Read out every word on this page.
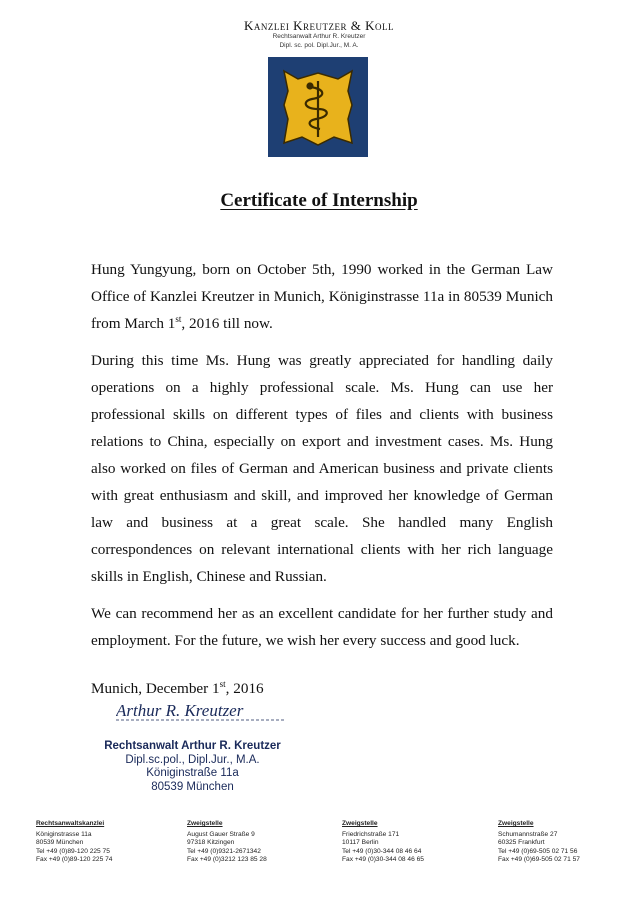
Kanzlei Kreutzer & Koll
Rechtsanwalt Arthur R. Kreutzer
Dipl. sc. pol. Dipl.Jur., M. A.
Certificate of Internship

Hung Yungyung, born on October 5th, 1990 worked in the German Law Office of Kanzlei Kreutzer in Munich, Königinstrasse 11a in 80539 Munich from March 1st, 2016 till now.

During this time Ms. Hung was greatly appreciated for handling daily operations on a highly professional scale. Ms. Hung can use her professional skills on different types of files and clients with business relations to China, especially on export and investment cases. Ms. Hung also worked on files of German and American business and private clients with great enthusiasm and skill, and improved her knowledge of German law and business at a great scale. She handled many English correspondences on relevant international clients with her rich language skills in English, Chinese and Russian.

We can recommend her as an excellent candidate for her further study and employment. For the future, we wish her every success and good luck.

Munich, December 1st, 2016
Arthur R. Kreutzer
Rechtsanwalt Arthur R. Kreutzer
Dipl.sc.pol., Dipl.Jur., M.A.
Königinstraße 11a
80539 München
Rechtsanwaltskanzlei
Königinstrasse 11a
80539 München
Tel +49 (0)89-120 225 75
Fax +49 (0)89-120 225 74
Zweigstelle
August Gauer Straße 9
97318 Kitzingen
Tel +49 (0)9321-2671342
Fax +49 (0)3212 123 85 28
Zweigstelle
Friedrichstraße 171
10117 Berlin
Tel +49 (0)30-344 08 46 64
Fax +49 (0)30-344 08 46 65
Zweigstelle
Schumannstraße 27
60325 Frankfurt
Tel +49 (0)69-505 02 71 56
Fax +49 (0)69-505 02 71 57
